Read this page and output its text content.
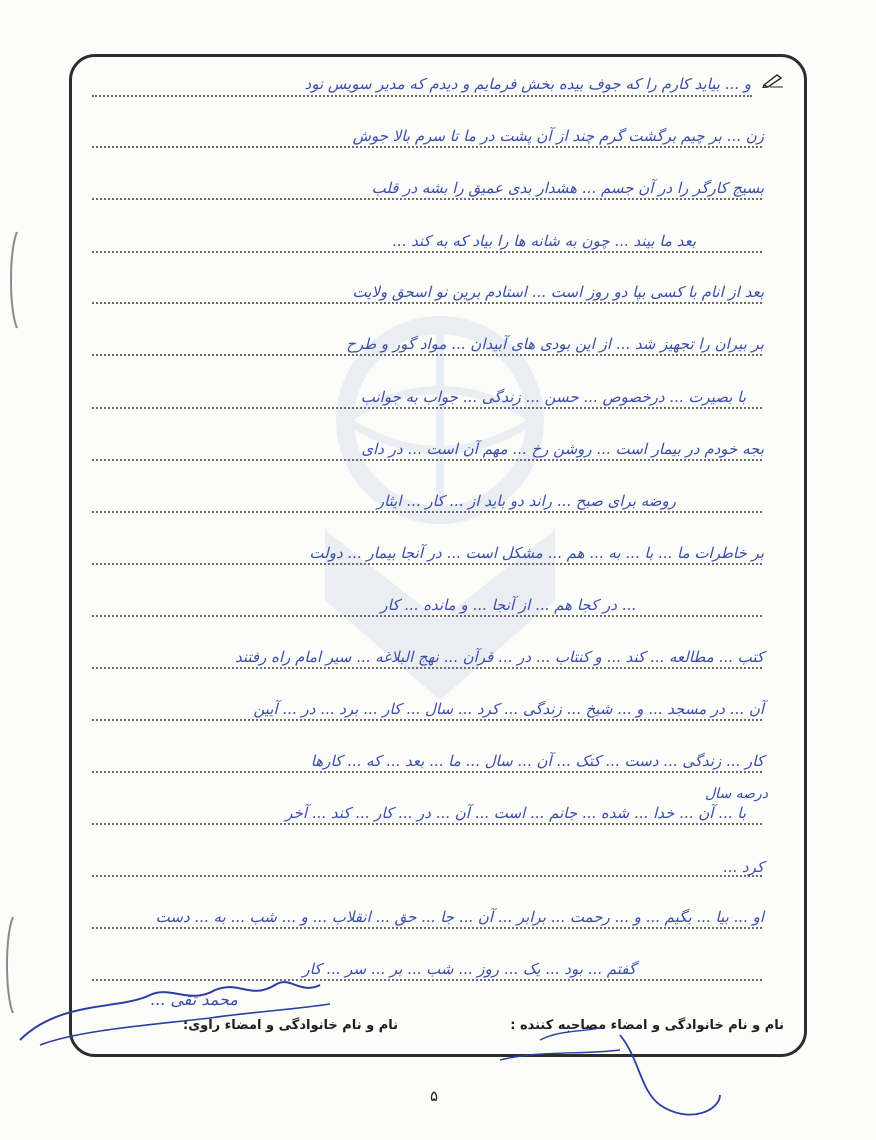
و ... بیاید کارم را که جوف بیده بخش فرمایم و دیدم که مدیر سویس نود
زن ... بر چیم برگشت گرم چند از آن پشت در ما تا سرم بالا جوش
بسیج کارگر را در آن جسم ... هشدار بدی عمیق را بشه در قلب
بعد ما بیند ... چون به شانه ها را بیاد که به کند ...
بعد از انام با کسی بپا دو روز است ... استادم برین نو اسحق ولایت
بر بیران را تجهیز شد ... از این بودی های آبیدان ... مواد گور و طرح
با بصیرت ... درخصوص ... حسن ... زندگی ... جواب به جوانب
بجه خودم در بیمار است ... روشن رخ ... مهم آن است ... در دای
روضه برای صبح ... راند دو باید از ... کار ... ایثار
بر خاطرات ما ... با ... به ... هم ... مشکل است ... در آنجا بیمار ... دولت
... در کجا هم ... از آنجا ... و مانده ... کار
کتب ... مطالعه ... کند ... و کنتاب ... در ... قرآن ... نهج البلاغه ... سیر امام راه رفتند
آن ... در مسجد ... و ... شیخ ... زندگی ... کرد ... سال ... کار ... برد ... در ... آیین
کار ... زندگی ... دست ... کتک ... آن ... سال ... ما ... بعد ... که ... کارها
با ... آن ... خدا ... شده ... جانم ... است ... آن ... در ... کار ... کند ... آخر
کرد ...
او ... بیا ... بگیم ... و ... رحمت ... برابر ... آن ... جا ... حق ... انقلاب ... و ... شب ... به ... دست
گفتم ... بود ... یک ... روز ... شب ... بر ... سر ... کار
درصه سال
نام و نام خانوادگی و امضاء مصاحبه کننده :
نام و نام خانوادگی و امضاء راوی:
محمد تقی ...
۵
